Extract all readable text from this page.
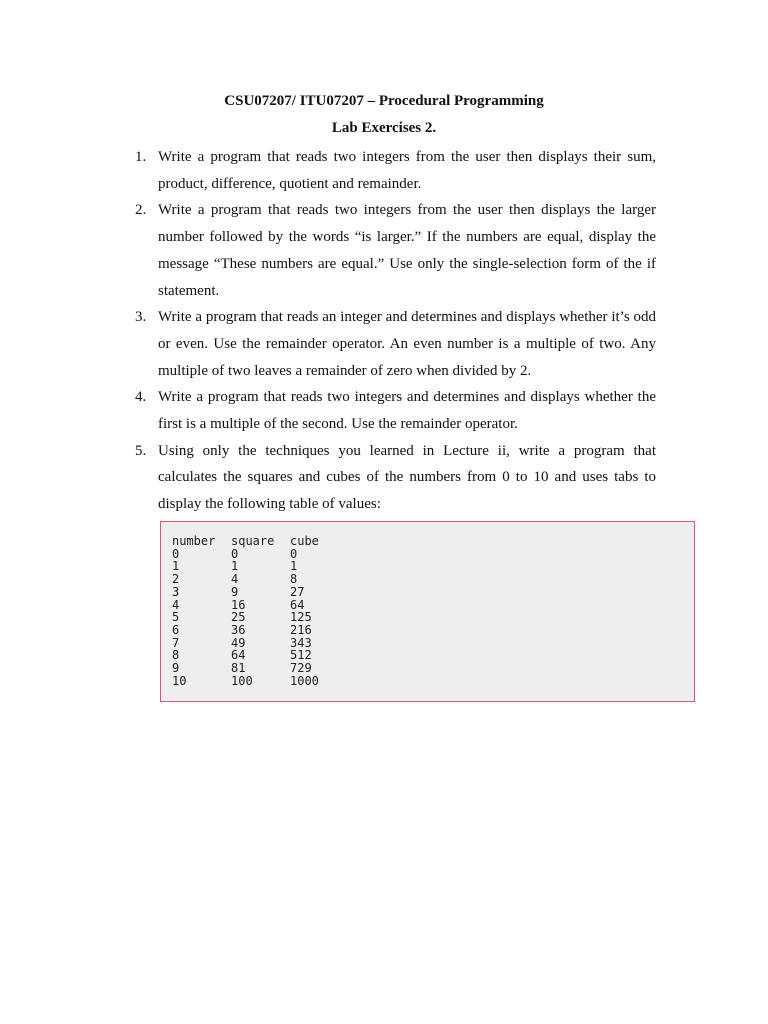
CSU07207/ ITU07207 – Procedural Programming
Lab Exercises 2.
1. Write a program that reads two integers from the user then displays their sum, product, difference, quotient and remainder.
2. Write a program that reads two integers from the user then displays the larger number followed by the words “is larger.” If the numbers are equal, display the message “These numbers are equal.” Use only the single-selection form of the if statement.
3. Write a program that reads an integer and determines and displays whether it’s odd or even. Use the remainder operator. An even number is a multiple of two. Any multiple of two leaves a remainder of zero when divided by 2.
4. Write a program that reads two integers and determines and displays whether the first is a multiple of the second. Use the remainder operator.
5. Using only the techniques you learned in Lecture ii, write a program that calculates the squares and cubes of the numbers from 0 to 10 and uses tabs to display the following table of values:
number	square	cube
0	0	0
1	1	1
2	4	8
3	9	27
4	16	64
5	25	125
6	36	216
7	49	343
8	64	512
9	81	729
10	100	1000
